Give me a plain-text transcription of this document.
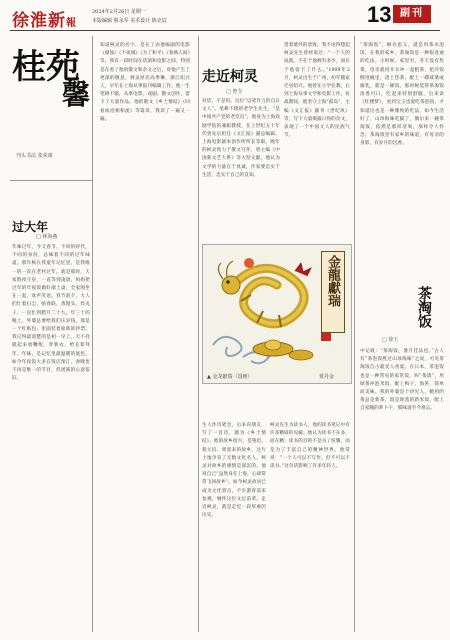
徐淮新報
2024年2月26日 星期一
本版编辑 蔡永军 美术设计 陈克辰	13 副刊
桂苑
馨
刊头书法 张荣康
过大年
□ 林海燕
年味过年，今又春节。不同的时代，不同的身份，总味着不同的过年味道。那年杨在我童年记忆里，是我唯一的一次在老村过年。就是那时，大家熬夜守岁，一直等到凌晨，妈妈把过年的年夜饭做好端上桌，全家围坐在一起，欢声笑语。春节前夕，大人们忙着扫尘、贴春联、蒸馒头、炸丸子，一直忙到腊月二十九。年三十的晚上，外婆总要给我们压岁钱，那是一个红纸包，里面装着崭新的钞票。我记得最清楚的是初一早上，天不亮就起来放鞭炮，穿新衣，给长辈拜年。年味，是记忆里最温暖的底色。如今年夜饭大多在饭店预订，春晚也不再是唯一的节目，但团圆的心意依旧。
知道柯灵的名字，是在了由他编剧的电影《腐蚀》《不夜城》《为了和平》《春满人间》等。我有一段时间在话剧和电影之间，特别是在看了他的散文和杂文之后，对他产生了更深的敬意。柯灵原名高季琳，浙江绍兴人，早年在上海从事报刊编辑工作。他一生笔耕不辍，从事电影、戏剧、散文创作，留下了大量作品。他的散文《乡土情结》《回看血泪相和流》等篇章，我读了一遍又一遍。
走近柯灵
□ 曾令
对话，不是吗。这位“以笔作刀的自日文人”。笔耕不辍的老学生先生，“是中国共产党的老党员”，他身为上海戏剧学院的兼职教授，在上世纪五十年代曾先后担任《文汇报》副总编辑、上海电影剧本创作所所长等职。晚年的柯灵致力于散文写作，曾主编《中国新文艺大系》等大型文献。他认为文学的力量在于真诚，作家要忠实于生活，忠实于自己的良知。
望着墙外的景致，我不由得想起柯灵先生曾经说过：“一个人的成就，不在于他拥有多少，而在于他留下了什么。”1909年2月，柯灵出生于广州，幼年随家迁居绍兴。他曾在小学任教，后到上海从事文学和电影工作。抗战期间，他坚守上海“孤岛”，主编《文汇报》副刊《世纪风》等，写下大量揭露日伪的杂文，表现了一个中国文人的民族气节。
生人作诗笔会，后来向朋友，写了一首诗，题为《乡土情结》。他的故乡绍兴，是鲁迅、蔡元培、周恩来的故乡，这片土地孕育了无数文化名人。柯灵对故乡的感情是深沉的，他说自己“虽然身在上海，心却常常飞回故乡”。如今柯灵故居已成为文化景点，不少游客前来参观，缅怀这位文坛前辈。走近柯灵，就是走近一段厚重的历史。
柯灵先生为读书人，他的读书笔记中有许多精辟的见解。他认为读书不在多，而在精；读书的目的不是为了炫耀，而是为了丰富自己的精神世界。他常说：“一个人可以不写作，但不可以不读书。”这句话影响了许多年轻人。
金龍獻瑞
▲ 金龙献瑞（国画）	黄丹金
“茶淘饭”，顾名思义，就是用茶水泡饭。在我的家乡，茶淘饭是一种很普通的吃法。小时候，家里穷，冬天没有热菜，母亲就用开水冲一壶粗茶，把冷饭倒进碗里，浇上热茶，配上一碟咸菜或腐乳，就是一顿饭。那时候觉得茶淘饭清香可口，吃起来特别舒服。后来读《红楼梦》，看到宝玉也爱吃茶泡饭，才知道这也是一种雅致的吃法。如今生活好了，山珍海味吃腻了，偶尔来一碗茶淘饭，依然是那样清爽，那样令人怀念。茶淘饭里有家乡的味道，有母亲的身影，有岁月的沉香。
茶淘饭
□ 徐玉
中记载：“茶淘饭，暑月佳品也。”古人有“茶泡饭胜过山珍海味”之说，可见茶淘饭自古就受人喜爱。在日本，茶泡饭也是一种常见的家常饭，叫“茶渍”，用绿茶冲泡米饭，配上梅干、海苔，简单而美味。我的外婆是个讲究人，她用的茶总是新茶，饭是现蒸的新米饭，配上自家腌的萝卜干，那味道至今难忘。
